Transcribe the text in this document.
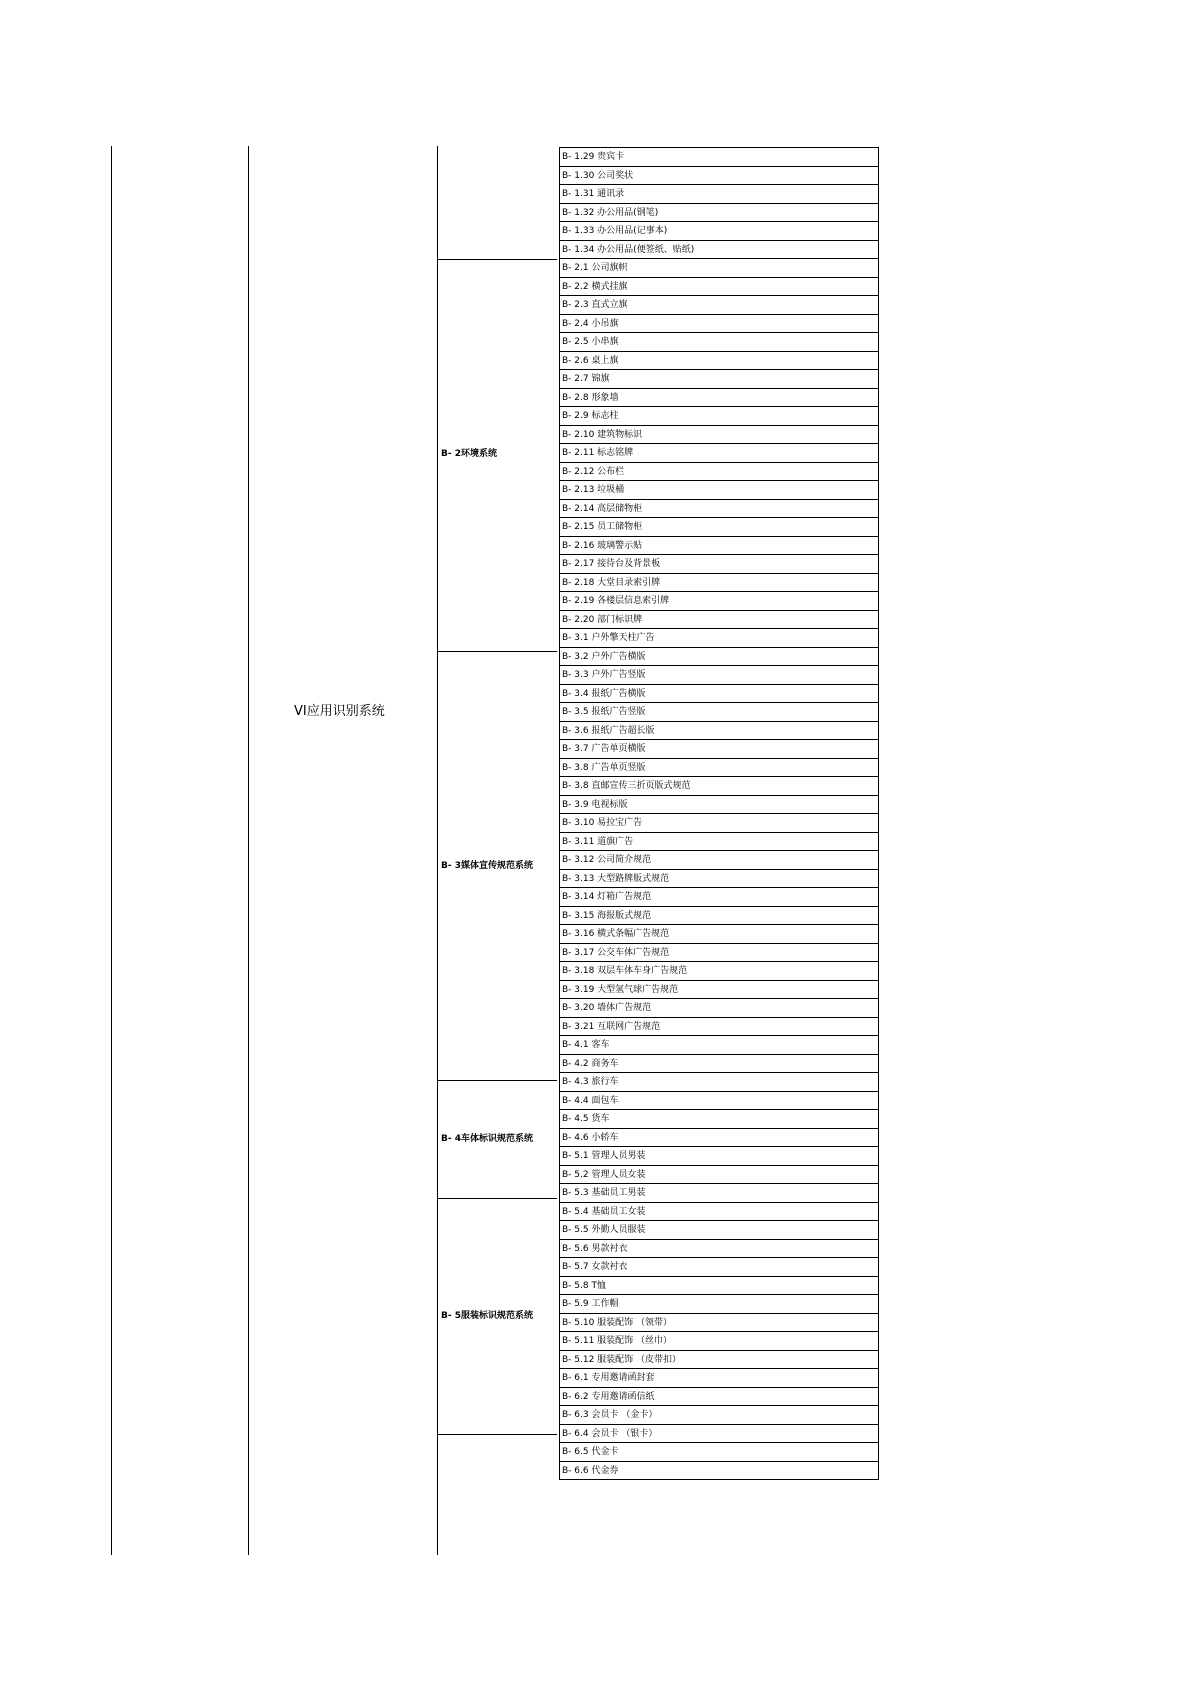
VI应用识别系统
B- 2环境系统
B- 3媒体宣传规范系统
B- 4车体标识规范系统
B- 5服装标识规范系统
B- 1.29 贵宾卡
B- 1.30 公司奖状
B- 1.31 通讯录
B- 1.32 办公用品(钢笔)
B- 1.33 办公用品(记事本)
B- 1.34 办公用品(便签纸、贴纸)
B- 2.1 公司旗帜
B- 2.2 横式挂旗
B- 2.3 直式立旗
B- 2.4 小吊旗
B- 2.5 小串旗
B- 2.6 桌上旗
B- 2.7 锦旗
B- 2.8 形象墙
B- 2.9 标志柱
B- 2.10 建筑物标识
B- 2.11 标志铭牌
B- 2.12 公布栏
B- 2.13 垃圾桶
B- 2.14 高层储物柜
B- 2.15 员工储物柜
B- 2.16 玻璃警示贴
B- 2.17 接待台及背景板
B- 2.18 大堂目录索引牌
B- 2.19 各楼层信息索引牌
B- 2.20 部门标识牌
B- 3.1 户外擎天柱广告
B- 3.2 户外广告横版
B- 3.3 户外广告竖版
B- 3.4 报纸广告横版
B- 3.5 报纸广告竖版
B- 3.6 报纸广告超长版
B- 3.7 广告单页横版
B- 3.8 广告单页竖版
B- 3.8 直邮宣传三折页版式规范
B- 3.9 电视标版
B- 3.10 易拉宝广告
B- 3.11 道旗广告
B- 3.12 公司简介规范
B- 3.13 大型路牌版式规范
B- 3.14 灯箱广告规范
B- 3.15 海报版式规范
B- 3.16 横式条幅广告规范
B- 3.17 公交车体广告规范
B- 3.18 双层车体车身广告规范
B- 3.19 大型氢气球广告规范
B- 3.20 墙体广告规范
B- 3.21 互联网广告规范
B- 4.1 客车
B- 4.2 商务车
B- 4.3 旅行车
B- 4.4 面包车
B- 4.5 货车
B- 4.6 小轿车
B- 5.1 管理人员男装
B- 5.2 管理人员女装
B- 5.3 基础员工男装
B- 5.4 基础员工女装
B- 5.5 外勤人员服装
B- 5.6 男款衬衣
B- 5.7 女款衬衣
B- 5.8 T恤
B- 5.9 工作帽
B- 5.10 服装配饰 （领带）
B- 5.11 服装配饰 （丝巾）
B- 5.12 服装配饰 （皮带扣）
B- 6.1 专用邀请函封套
B- 6.2 专用邀请函信纸
B- 6.3 会员卡 （金卡）
B- 6.4 会员卡 （银卡）
B- 6.5 代金卡
B- 6.6 代金券
